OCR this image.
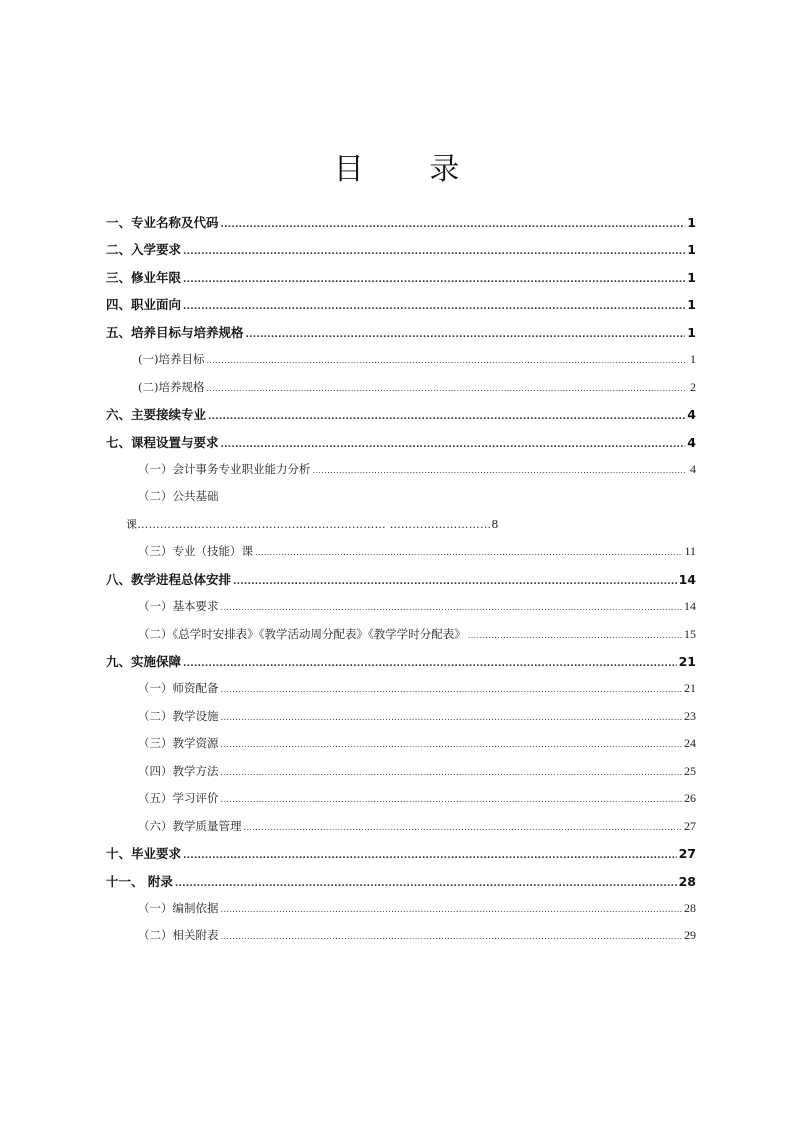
目 录
一、专业名称及代码 .....	1
二、入学要求 .....	1
三、修业年限 .....	1
四、职业面向 .....	1
五、培养目标与培养规格 .....	1
(一)培养目标 .....	1
(二)培养规格 .....	2
六、主要接续专业 .....	4
七、课程设置与要求 .....	4
（一）会计事务专业职业能力分析 .....	4
（二）公共基础
课………………………………………………………… ………………………8
（三）专业（技能）课 .....	11
八、教学进程总体安排 .....	14
（一）基本要求 .....	14
（二）《总学时安排表》《教学活动周分配表》《教学学时分配表》 .....	15
九、实施保障 .....	21
（一）师资配备 .....	21
（二）教学设施 .....	23
（三）教学资源 .....	24
（四）教学方法 .....	25
（五）学习评价 .....	26
（六）教学质量管理 .....	27
十、毕业要求 .....	27
十一、 附录 .....	28
（一）编制依据 .....	28
（二）相关附表 .....	29
